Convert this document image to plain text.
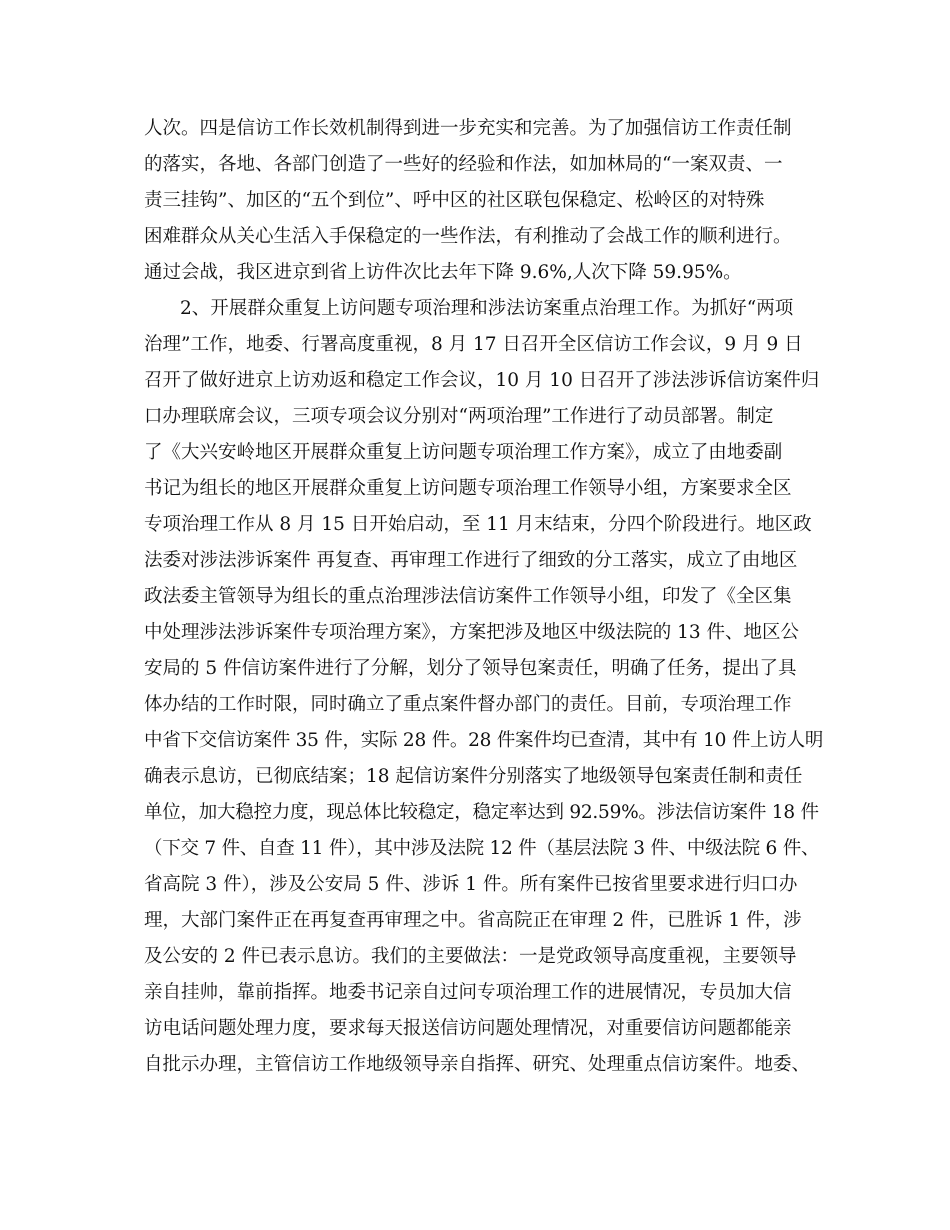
人次。四是信访工作长效机制得到进一步充实和完善。为了加强信访工作责任制
的落实，各地、各部门创造了一些好的经验和作法，如加林局的“一案双责、一
责三挂钩”、加区的“五个到位”、呼中区的社区联包保稳定、松岭区的对特殊
困难群众从关心生活入手保稳定的一些作法，有利推动了会战工作的顺利进行。
通过会战，我区进京到省上访件次比去年下降 9.6%,人次下降 59.95%。
2、开展群众重复上访问题专项治理和涉法访案重点治理工作。为抓好“两项
治理”工作，地委、行署高度重视，8 月 17 日召开全区信访工作会议，9 月 9 日
召开了做好进京上访劝返和稳定工作会议，10 月 10 日召开了涉法涉诉信访案件归
口办理联席会议，三项专项会议分别对“两项治理”工作进行了动员部署。制定
了《大兴安岭地区开展群众重复上访问题专项治理工作方案》，成立了由地委副
书记为组长的地区开展群众重复上访问题专项治理工作领导小组，方案要求全区
专项治理工作从 8 月 15 日开始启动，至 11 月末结束，分四个阶段进行。地区政
法委对涉法涉诉案件 再复查、再审理工作进行了细致的分工落实，成立了由地区
政法委主管领导为组长的重点治理涉法信访案件工作领导小组，印发了《全区集
中处理涉法涉诉案件专项治理方案》，方案把涉及地区中级法院的 13 件、地区公
安局的 5 件信访案件进行了分解，划分了领导包案责任，明确了任务，提出了具
体办结的工作时限，同时确立了重点案件督办部门的责任。目前，专项治理工作
中省下交信访案件 35 件，实际 28 件。28 件案件均已查清，其中有 10 件上访人明
确表示息访，已彻底结案；18 起信访案件分别落实了地级领导包案责任制和责任
单位，加大稳控力度，现总体比较稳定，稳定率达到 92.59%。涉法信访案件 18 件
（下交 7 件、自查 11 件），其中涉及法院 12 件（基层法院 3 件、中级法院 6 件、
省高院 3 件），涉及公安局 5 件、涉诉 1 件。所有案件已按省里要求进行归口办
理，大部门案件正在再复查再审理之中。省高院正在审理 2 件，已胜诉 1 件，涉
及公安的 2 件已表示息访。我们的主要做法：一是党政领导高度重视，主要领导
亲自挂帅，靠前指挥。地委书记亲自过问专项治理工作的进展情况，专员加大信
访电话问题处理力度，要求每天报送信访问题处理情况，对重要信访问题都能亲
自批示办理，主管信访工作地级领导亲自指挥、研究、处理重点信访案件。地委、
